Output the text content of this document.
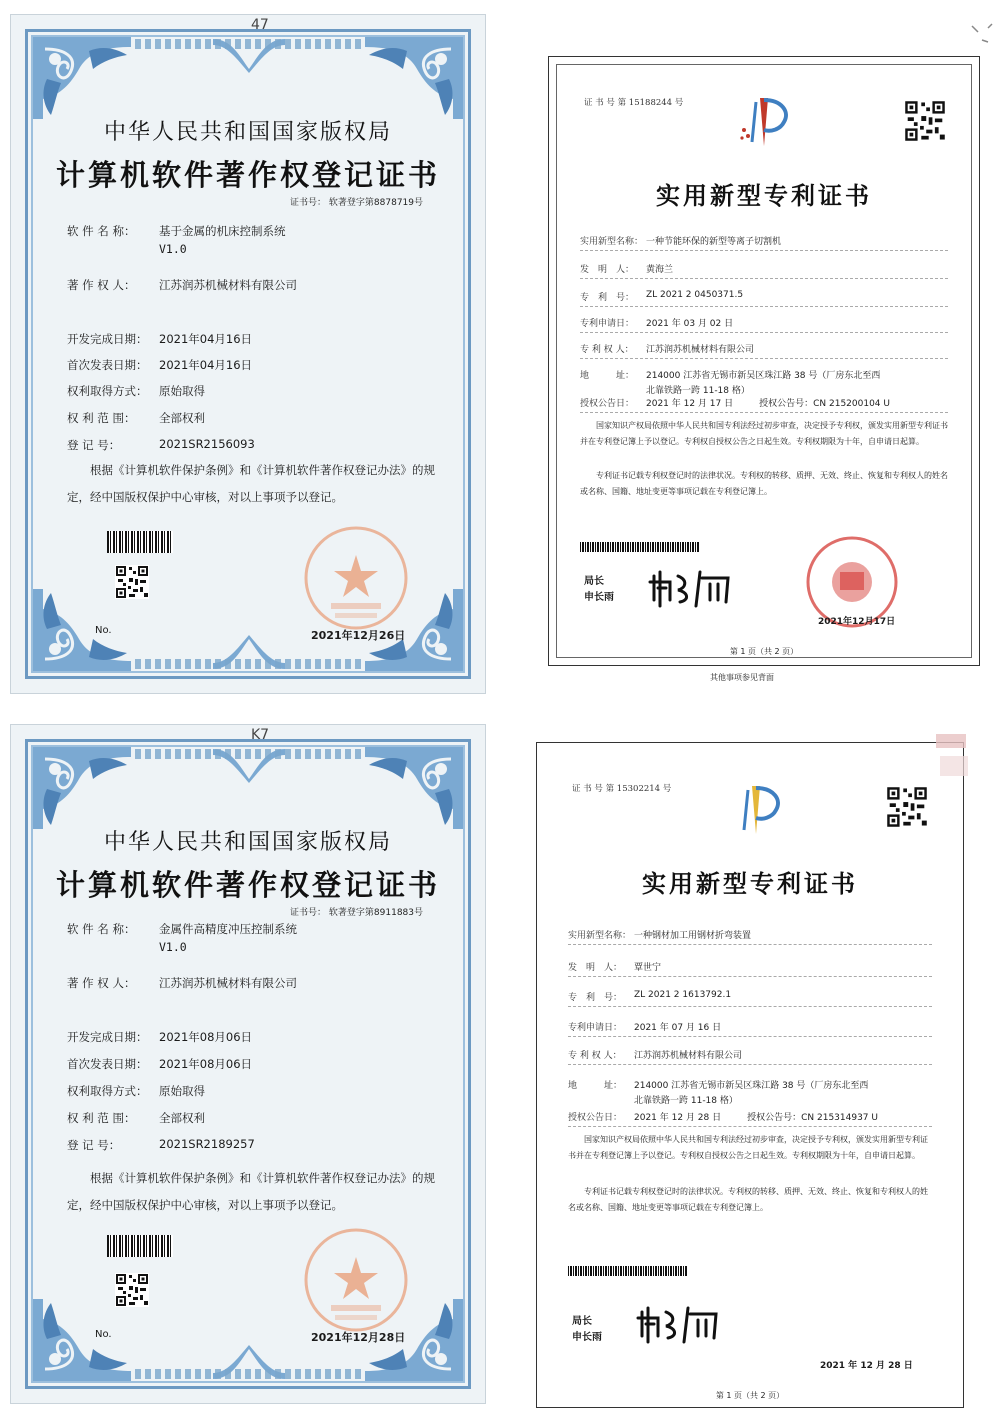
47
中华人民共和国国家版权局
计算机软件著作权登记证书
证书号： 软著登字第8878719号
软 件 名 称： 基于金属的机床控制系统
V1.0
著 作 权 人： 江苏润苏机械材料有限公司
开发完成日期： 2021年04月16日
首次发表日期： 2021年04月16日
权利取得方式： 原始取得
权 利 范 围： 全部权利
登 记 号：	2021SR2156093
根据《计算机软件保护条例》和《计算机软件著作权登记办法》的规定，经中国版权保护中心审核，对以上事项予以登记。
No.	2021年12月26日
K7
中华人民共和国国家版权局
计算机软件著作权登记证书
证书号： 软著登字第8911883号
软 件 名 称： 金属件高精度冲压控制系统
V1.0
著 作 权 人： 江苏润苏机械材料有限公司
开发完成日期： 2021年08月06日
首次发表日期： 2021年08月06日
权利取得方式： 原始取得
权 利 范 围： 全部权利
登 记 号：	2021SR2189257
根据《计算机软件保护条例》和《计算机软件著作权登记办法》的规定，经中国版权保护中心审核，对以上事项予以登记。
No.	2021年12月28日
证 书 号 第 15188244 号
实用新型专利证书
实用新型名称： 一种节能环保的新型等离子切割机
发　明　人： 黄海兰
专　利　号： ZL 2021 2 0450371.5
专利申请日： 2021 年 03 月 02 日
专 利 权 人： 江苏润苏机械材料有限公司
地　　　址： 214000 江苏省无锡市新吴区珠江路 38 号（厂房东北至西
北靠铁路一跨 11-18 格）
授权公告日： 2021 年 12 月 17 日	授权公告号：CN 215200104 U
国家知识产权局依照中华人民共和国专利法经过初步审查，决定授予专利权，颁发实用新型专利证书并在专利登记簿上予以登记。专利权自授权公告之日起生效。专利权期限为十年，自申请日起算。
专利证书记载专利权登记时的法律状况。专利权的转移、质押、无效、终止、恢复和专利权人的姓名或名称、国籍、地址变更等事项记载在专利登记簿上。
局长
申长雨
2021年12月17日
第 1 页（共 2 页）
其他事项参见背面
证 书 号 第 15302214 号
实用新型专利证书
实用新型名称： 一种钢材加工用钢材折弯装置
发　明　人： 覃世宁
专　利　号： ZL 2021 2 1613792.1
专利申请日： 2021 年 07 月 16 日
专 利 权 人： 江苏润苏机械材料有限公司
地　　　址： 214000 江苏省无锡市新吴区珠江路 38 号（厂房东北至西
北靠铁路一跨 11-18 格）
授权公告日： 2021 年 12 月 28 日	授权公告号：CN 215314937 U
国家知识产权局依照中华人民共和国专利法经过初步审查，决定授予专利权，颁发实用新型专利证书并在专利登记簿上予以登记。专利权自授权公告之日起生效。专利权期限为十年，自申请日起算。
专利证书记载专利权登记时的法律状况。专利权的转移、质押、无效、终止、恢复和专利权人的姓名或名称、国籍、地址变更等事项记载在专利登记簿上。
局长
申长雨
2021 年 12 月 28 日
第 1 页（共 2 页）
